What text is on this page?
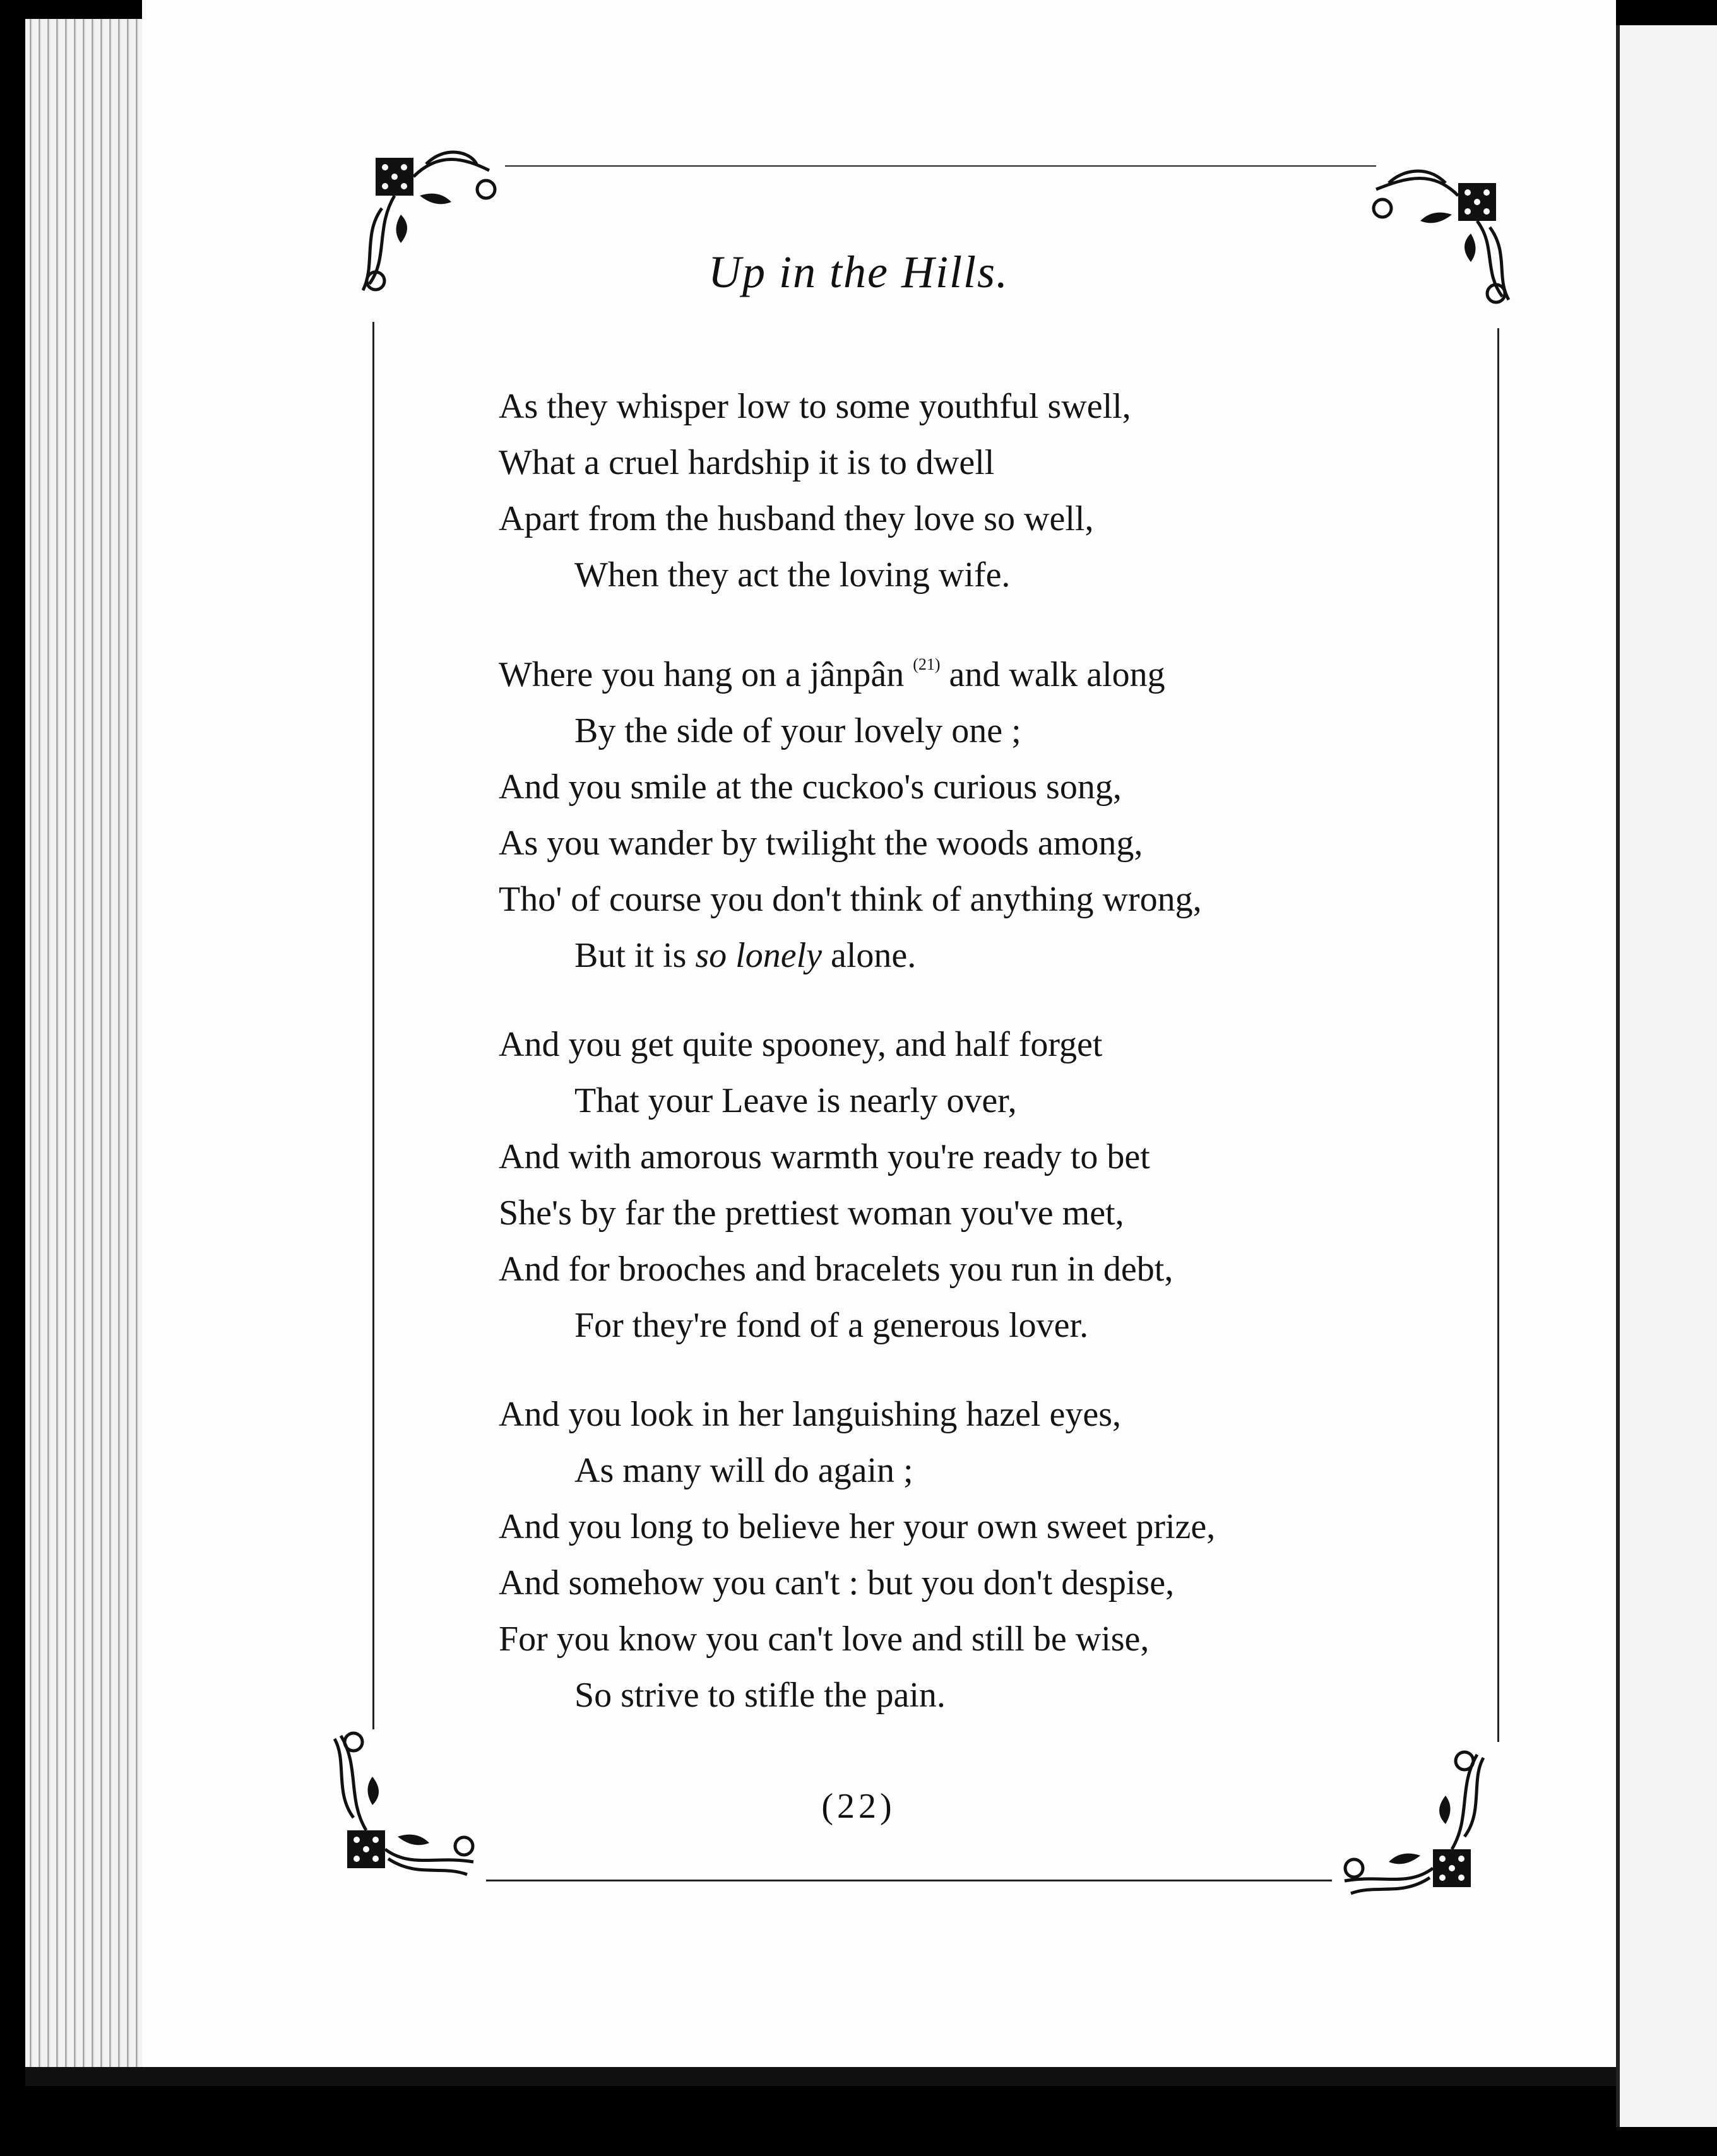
Up in the Hills.
As they whisper low to some youthful swell,
What a cruel hardship it is to dwell
Apart from the husband they love so well,
When they act the loving wife.
Where you hang on a jânpân $^{(21)}$ and walk along
By the side of your lovely one ;
And you smile at the cuckoo's curious song,
As you wander by twilight the woods among,
Tho' of course you don't think of anything wrong,
But it is so lonely alone.
And you get quite spooney, and half forget
That your Leave is nearly over,
And with amorous warmth you're ready to bet
She's by far the prettiest woman you've met,
And for brooches and bracelets you run in debt,
For they're fond of a generous lover.
And you look in her languishing hazel eyes,
As many will do again ;
And you long to believe her your own sweet prize,
And somehow you can't : but you don't despise,
For you know you can't love and still be wise,
So strive to stifle the pain.
(22)
